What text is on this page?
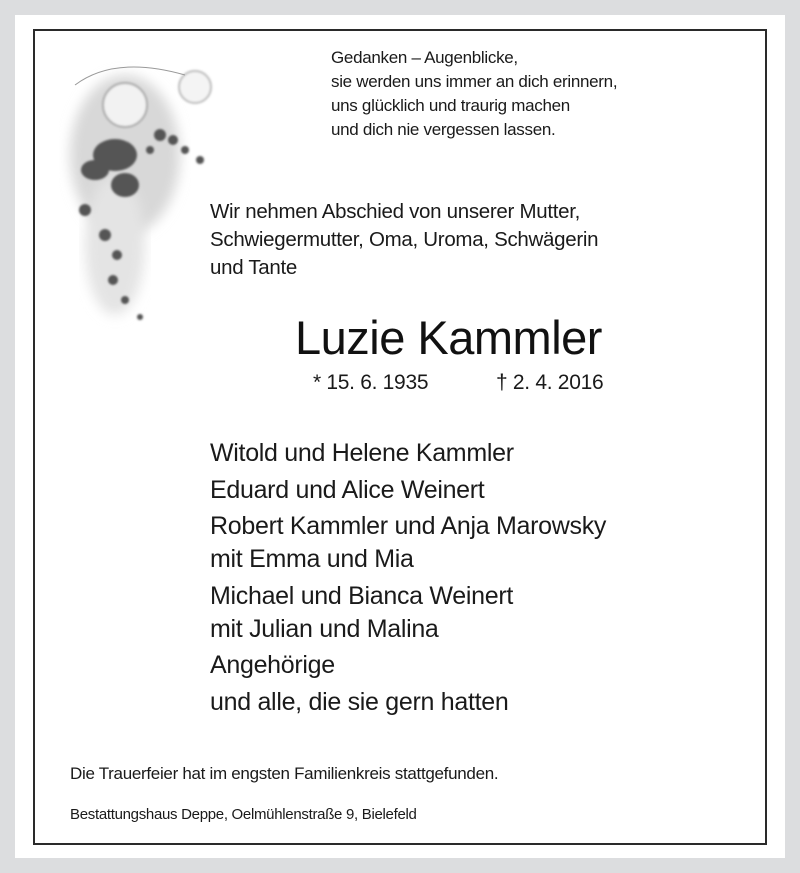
Gedanken – Augenblicke,
sie werden uns immer an dich erinnern,
uns glücklich und traurig machen
und dich nie vergessen lassen.
Wir nehmen Abschied von unserer Mutter,
Schwiegermutter, Oma, Uroma, Schwägerin
und Tante
Luzie Kammler
* 15. 6. 1935	† 2. 4. 2016
Witold und Helene Kammler
Eduard und Alice Weinert
Robert Kammler und Anja Marowsky
mit Emma und Mia
Michael und Bianca Weinert
mit Julian und Malina
Angehörige
und alle, die sie gern hatten
Die Trauerfeier hat im engsten Familienkreis stattgefunden.
Bestattungshaus Deppe, Oelmühlenstraße 9, Bielefeld
